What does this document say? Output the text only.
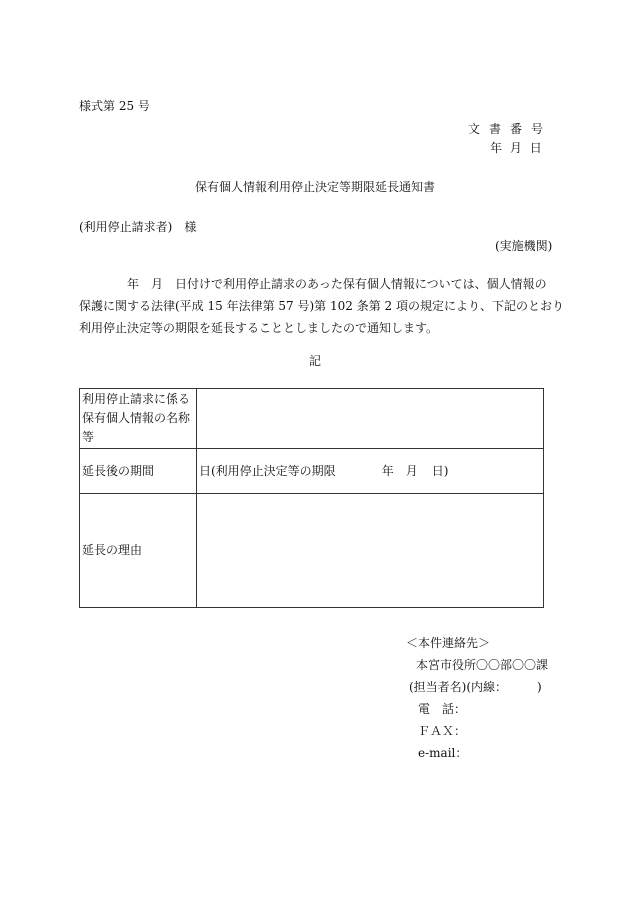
様式第 25 号
文書番号
年 月 日
保有個人情報利用停止決定等期限延長通知書
(利用停止請求者)　様
(実施機関)
年　月　日付けで利用停止請求のあった保有個人情報については、個人情報の
保護に関する法律(平成 15 年法律第 57 号)第 102 条第 2 項の規定により、下記のとおり
利用停止決定等の期限を延長することとしましたので通知します。
記
利用停止請求に係る
保有個人情報の名称
等	

延長後の期間	日(利用停止決定等の期限 年　月 日)
延長の理由	
＜本件連絡先＞
本宮市役所〇〇部〇〇課
(担当者名)(内線：　　　)
電　話：
ＦＡＸ：
e-mail：
